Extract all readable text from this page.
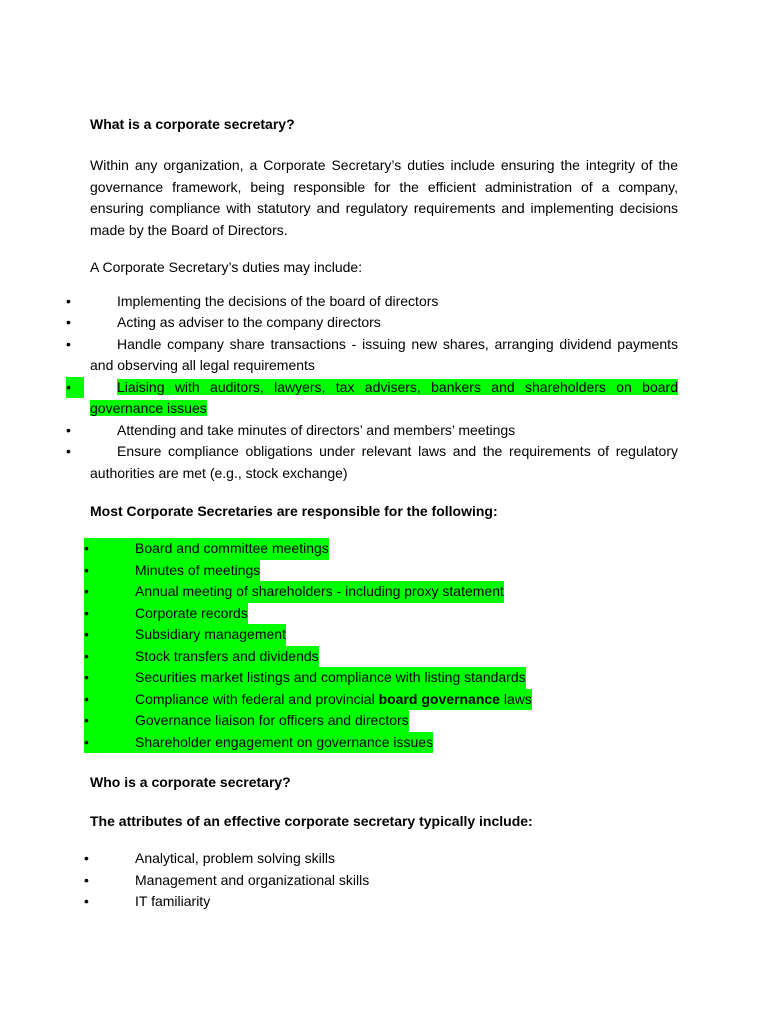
What is a corporate secretary?

Within any organization, a Corporate Secretary’s duties include ensuring the integrity of the governance framework, being responsible for the efficient administration of a company, ensuring compliance with statutory and regulatory requirements and implementing decisions made by the Board of Directors.

A Corporate Secretary’s duties may include:

•	Implementing the decisions of the board of directors
•	Acting as adviser to the company directors
•	Handle company share transactions - issuing new shares, arranging dividend payments and observing all legal requirements
•	Liaising with auditors, lawyers, tax advisers, bankers and shareholders on board governance issues
•	Attending and take minutes of directors’ and members’ meetings
•	Ensure compliance obligations under relevant laws and the requirements of regulatory authorities are met (e.g., stock exchange)

Most Corporate Secretaries are responsible for the following:

•	Board and committee meetings
•	Minutes of meetings
•	Annual meeting of shareholders - including proxy statement
•	Corporate records
•	Subsidiary management
•	Stock transfers and dividends
•	Securities market listings and compliance with listing standards
•	Compliance with federal and provincial board governance laws
•	Governance liaison for officers and directors
•	Shareholder engagement on governance issues

Who is a corporate secretary?

The attributes of an effective corporate secretary typically include:

•	Analytical, problem solving skills
•	Management and organizational skills
•	IT familiarity
